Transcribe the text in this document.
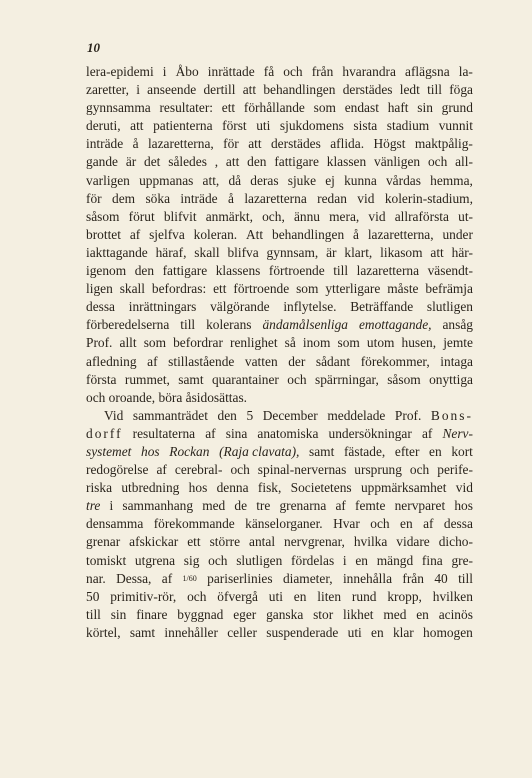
10
lera-epidemi i Åbo inrättade få och från hvarandra aflägsna la-
zaretter, i anseende dertill att behandlingen derstädes ledt till föga
gynnsamma resultater: ett förhållande som endast haft sin grund
deruti, att patienterna först uti sjukdomens sista stadium vunnit
inträde å lazaretterna, för att derstädes aflida. Högst maktpålig-
gande är det således , att den fattigare klassen vänligen och all-
varligen uppmanas att, då deras sjuke ej kunna vårdas hemma,
för dem söka inträde å lazaretterna redan vid kolerin-stadium,
såsom förut blifvit anmärkt, och, ännu mera, vid allraförsta ut-
brottet af sjelfva koleran. Att behandlingen å lazaretterna, under
iakttagande häraf, skall blifva gynnsam, är klart, likasom att här-
igenom den fattigare klassens förtroende till lazaretterna väsendt-
ligen skall befordras: ett förtroende som ytterligare måste befrämja
dessa inrättningars välgörande inflytelse. Beträffande slutligen
förberedelserna till kolerans ändamålsenliga emottagande, ansåg
Prof. allt som befordrar renlighet så inom som utom husen, jemte
afledning af stillastående vatten der sådant förekommer, intaga
första rummet, samt quarantainer och spärrningar, såsom onyttiga
och oroande, böra åsidosättas.
Vid sammanträdet den 5 December meddelade Prof. Bons-
dorff resultaterna af sina anatomiska undersökningar af Nerv-
systemet hos Rockan (Raja clavata), samt fästade, efter en kort
redogörelse af cerebral- och spinal-nervernas ursprung och perife-
riska utbredning hos denna fisk, Societetens uppmärksamhet vid
tre i sammanhang med de tre grenarna af femte nervparet hos
densamma förekommande känselorganer. Hvar och en af dessa
grenar afskickar ett större antal nervgrenar, hvilka vidare dicho-
tomiskt utgrena sig och slutligen fördelas i en mängd fina gre-
nar. Dessa, af 1/60 pariserlinies diameter, innehålla från 40 till
50 primitiv-rör, och öfvergå uti en liten rund kropp, hvilken
till sin finare byggnad eger ganska stor likhet med en acinös
körtel, samt innehåller celler suspenderade uti en klar homogen
